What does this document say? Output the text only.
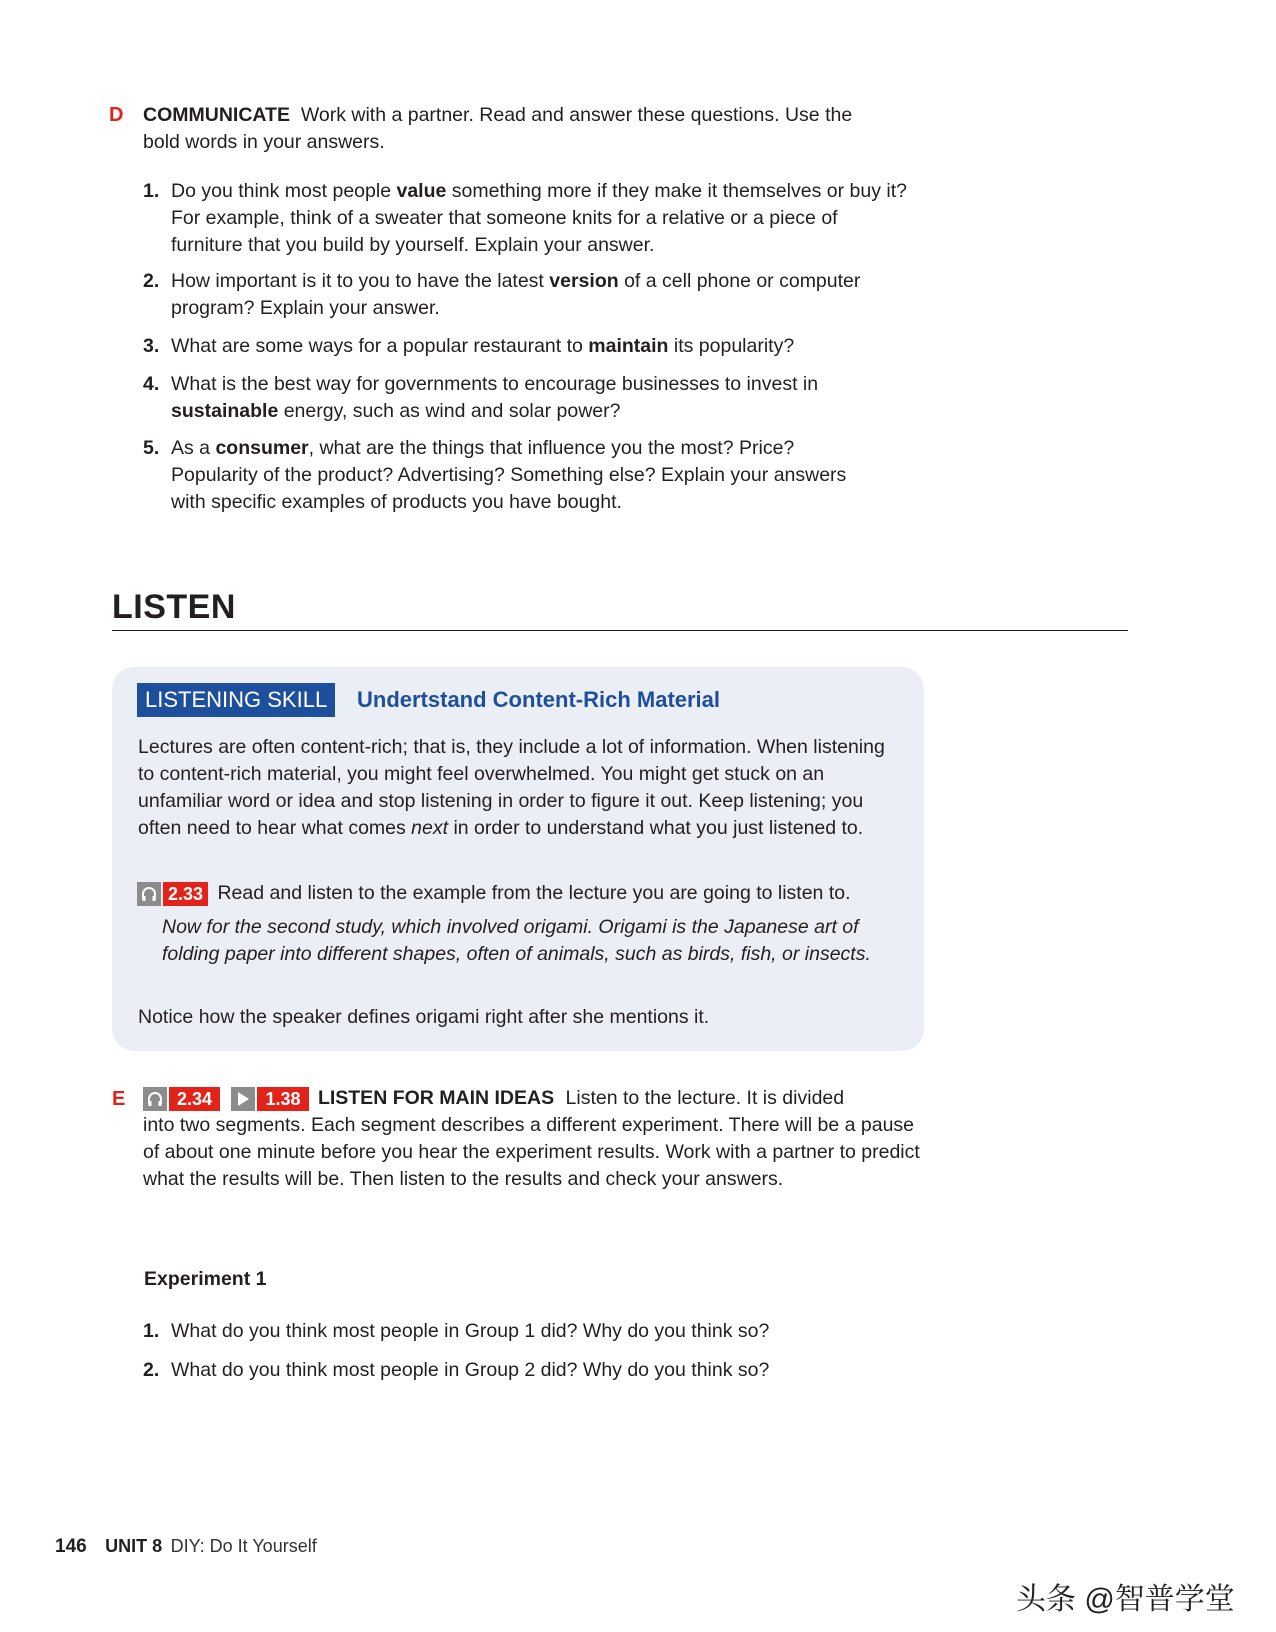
D COMMUNICATE Work with a partner. Read and answer these questions. Use the
bold words in your answers.
1. Do you think most people value something more if they make it themselves or buy it? For example, think of a sweater that someone knits for a relative or a piece of furniture that you build by yourself. Explain your answer.
2. How important is it to you to have the latest version of a cell phone or computer program? Explain your answer.
3. What are some ways for a popular restaurant to maintain its popularity?
4. What is the best way for governments to encourage businesses to invest in sustainable energy, such as wind and solar power?
5. As a consumer, what are the things that influence you the most? Price? Popularity of the product? Advertising? Something else? Explain your answers with specific examples of products you have bought.
LISTEN
LISTENING SKILL	Undertstand Content-Rich Material
Lectures are often content-rich; that is, they include a lot of information. When listening to content-rich material, you might feel overwhelmed. You might get stuck on an unfamiliar word or idea and stop listening in order to figure it out. Keep listening; you often need to hear what comes next in order to understand what you just listened to.
2.33 Read and listen to the example from the lecture you are going to listen to.
Now for the second study, which involved origami. Origami is the Japanese art of folding paper into different shapes, often of animals, such as birds, fish, or insects.
Notice how the speaker defines origami right after she mentions it.
E	2.34	1.38 LISTEN FOR MAIN IDEAS Listen to the lecture. It is divided
into two segments. Each segment describes a different experiment. There will be a pause of about one minute before you hear the experiment results. Work with a partner to predict what the results will be. Then listen to the results and check your answers.
Experiment 1
1. What do you think most people in Group 1 did? Why do you think so?
2. What do you think most people in Group 2 did? Why do you think so?
146 UNIT 8 DIY: Do It Yourself
头条 @智普学堂
